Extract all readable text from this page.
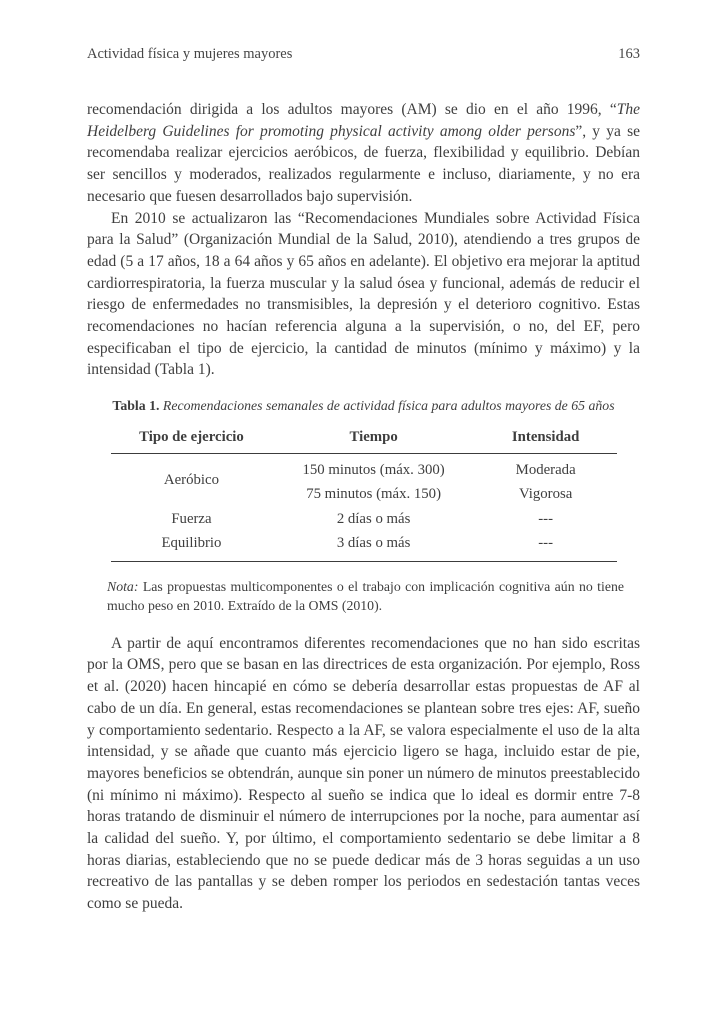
Actividad física y mujeres mayores	163

recomendación dirigida a los adultos mayores (AM) se dio en el año 1996, “The Heidelberg Guidelines for promoting physical activity among older persons”, y ya se recomendaba realizar ejercicios aeróbicos, de fuerza, flexibilidad y equilibrio. Debían ser sencillos y moderados, realizados regularmente e incluso, diariamente, y no era necesario que fuesen desarrollados bajo supervisión.

En 2010 se actualizaron las “Recomendaciones Mundiales sobre Actividad Física para la Salud” (Organización Mundial de la Salud, 2010), atendiendo a tres grupos de edad (5 a 17 años, 18 a 64 años y 65 años en adelante). El objetivo era mejorar la aptitud cardiorrespiratoria, la fuerza muscular y la salud ósea y funcional, además de reducir el riesgo de enfermedades no transmisibles, la depresión y el deterioro cognitivo. Estas recomendaciones no hacían referencia alguna a la supervisión, o no, del EF, pero especificaban el tipo de ejercicio, la cantidad de minutos (mínimo y máximo) y la intensidad (Tabla 1).

Tabla 1. Recomendaciones semanales de actividad física para adultos mayores de 65 años
Tipo de ejercicio	Tiempo	Intensidad
Aeróbico	150 minutos (máx. 300)	Moderada
	75 minutos (máx. 150)	Vigorosa
Fuerza	2 días o más	---
Equilibrio	3 días o más	---

Nota: Las propuestas multicomponentes o el trabajo con implicación cognitiva aún no tiene mucho peso en 2010. Extraído de la OMS (2010).

A partir de aquí encontramos diferentes recomendaciones que no han sido escritas por la OMS, pero que se basan en las directrices de esta organización. Por ejemplo, Ross et al. (2020) hacen hincapié en cómo se debería desarrollar estas propuestas de AF al cabo de un día. En general, estas recomendaciones se plantean sobre tres ejes: AF, sueño y comportamiento sedentario. Respecto a la AF, se valora especialmente el uso de la alta intensidad, y se añade que cuanto más ejercicio ligero se haga, incluido estar de pie, mayores beneficios se obtendrán, aunque sin poner un número de minutos preestablecido (ni mínimo ni máximo). Respecto al sueño se indica que lo ideal es dormir entre 7-8 horas tratando de disminuir el número de interrupciones por la noche, para aumentar así la calidad del sueño. Y, por último, el comportamiento sedentario se debe limitar a 8 horas diarias, estableciendo que no se puede dedicar más de 3 horas seguidas a un uso recreativo de las pantallas y se deben romper los periodos en sedestación tantas veces como se pueda.
